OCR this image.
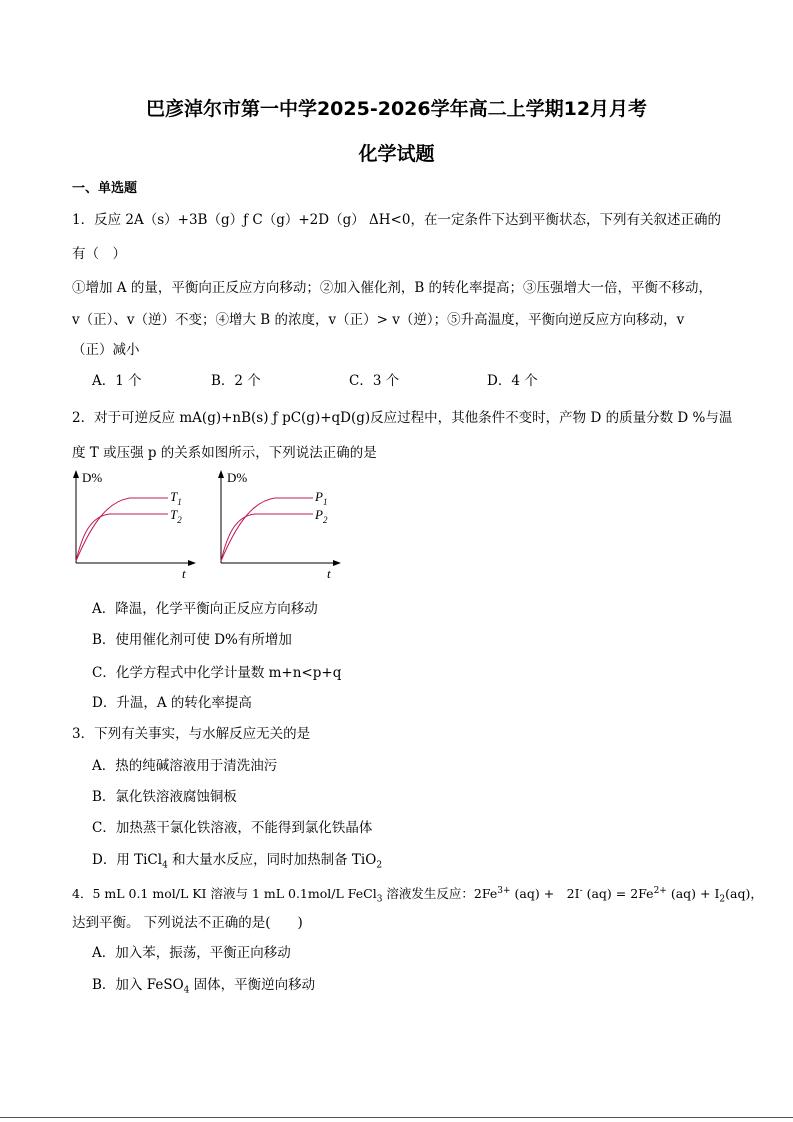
巴彦淖尔市第一中学2025-2026学年高二上学期12月月考
化学试题
一、单选题
1．反应 2A（s）+3B（g）ƒ C（g）+2D（g） ΔH<0，在一定条件下达到平衡状态，下列有关叙述正确的
有（　）
①增加 A 的量，平衡向正反应方向移动；②加入催化剂，B 的转化率提高；③压强增大一倍，平衡不移动，
v（正）、v（逆）不变；④增大 B 的浓度，v（正）> v（逆）；⑤升高温度，平衡向逆反应方向移动，v
（正）减小
A．1 个	B．2 个	C．3 个	D．4 个
2．对于可逆反应 mA(g)+nB(s) ƒ pC(g)+qD(g)反应过程中，其他条件不变时，产物 D 的质量分数 D %与温
度 T 或压强 p 的关系如图所示，下列说法正确的是
D%
t
$T_1$
$T_2$
D%
t
$P_1$
$P_2$
A．降温，化学平衡向正反应方向移动
B．使用催化剂可使 D%有所增加
C．化学方程式中化学计量数 m+n<p+q
D．升温，A 的转化率提高
3．下列有关事实，与水解反应无关的是
A．热的纯碱溶液用于清洗油污
B．氯化铁溶液腐蚀铜板
C．加热蒸干氯化铁溶液，不能得到氯化铁晶体
D．用 TiCl$_4$ 和大量水反应，同时加热制备 TiO$_2$
4．5 mL 0.1 mol/L KI 溶液与 1 mL 0.1mol/L FeCl$_3$ 溶液发生反应：$2Fe^{3+}$ (aq) +　2I- $(aq) = 2Fe^{2+}$ $(aq) + I_2(aq)$，
达到平衡。 下列说法不正确的是(　　)
A．加入苯，振荡，平衡正向移动
B．加入 FeSO$_4$ 固体，平衡逆向移动
